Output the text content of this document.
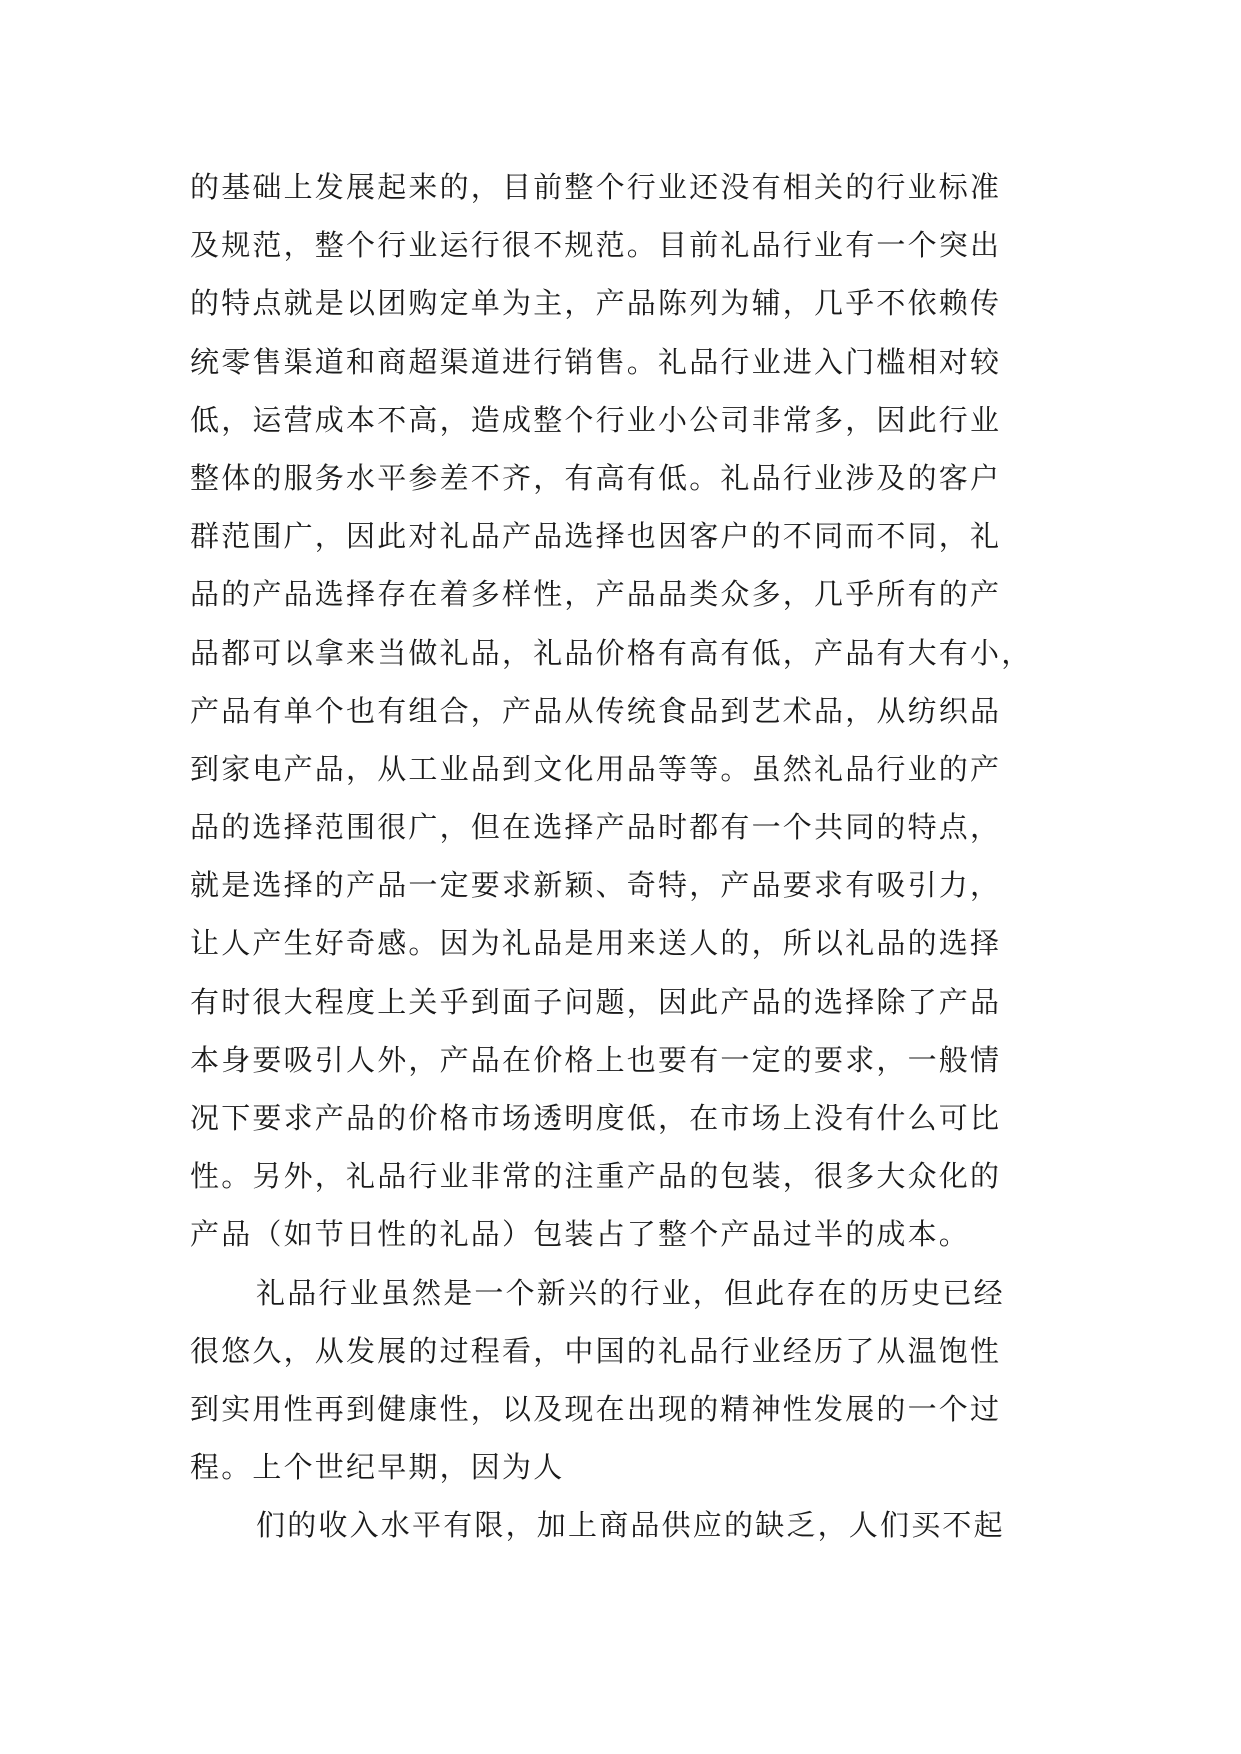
的基础上发展起来的，目前整个行业还没有相关的行业标准
及规范，整个行业运行很不规范。目前礼品行业有一个突出
的特点就是以团购定单为主，产品陈列为辅，几乎不依赖传
统零售渠道和商超渠道进行销售。礼品行业进入门槛相对较
低，运营成本不高，造成整个行业小公司非常多，因此行业
整体的服务水平参差不齐，有高有低。礼品行业涉及的客户
群范围广，因此对礼品产品选择也因客户的不同而不同，礼
品的产品选择存在着多样性，产品品类众多，几乎所有的产
品都可以拿来当做礼品，礼品价格有高有低，产品有大有小，
产品有单个也有组合，产品从传统食品到艺术品，从纺织品
到家电产品，从工业品到文化用品等等。虽然礼品行业的产
品的选择范围很广，但在选择产品时都有一个共同的特点，
就是选择的产品一定要求新颖、奇特，产品要求有吸引力，
让人产生好奇感。因为礼品是用来送人的，所以礼品的选择
有时很大程度上关乎到面子问题，因此产品的选择除了产品
本身要吸引人外，产品在价格上也要有一定的要求，一般情
况下要求产品的价格市场透明度低，在市场上没有什么可比
性。另外，礼品行业非常的注重产品的包装，很多大众化的
产品（如节日性的礼品）包装占了整个产品过半的成本。
礼品行业虽然是一个新兴的行业，但此存在的历史已经
很悠久，从发展的过程看，中国的礼品行业经历了从温饱性
到实用性再到健康性，以及现在出现的精神性发展的一个过
程。上个世纪早期，因为人
们的收入水平有限，加上商品供应的缺乏，人们买不起
